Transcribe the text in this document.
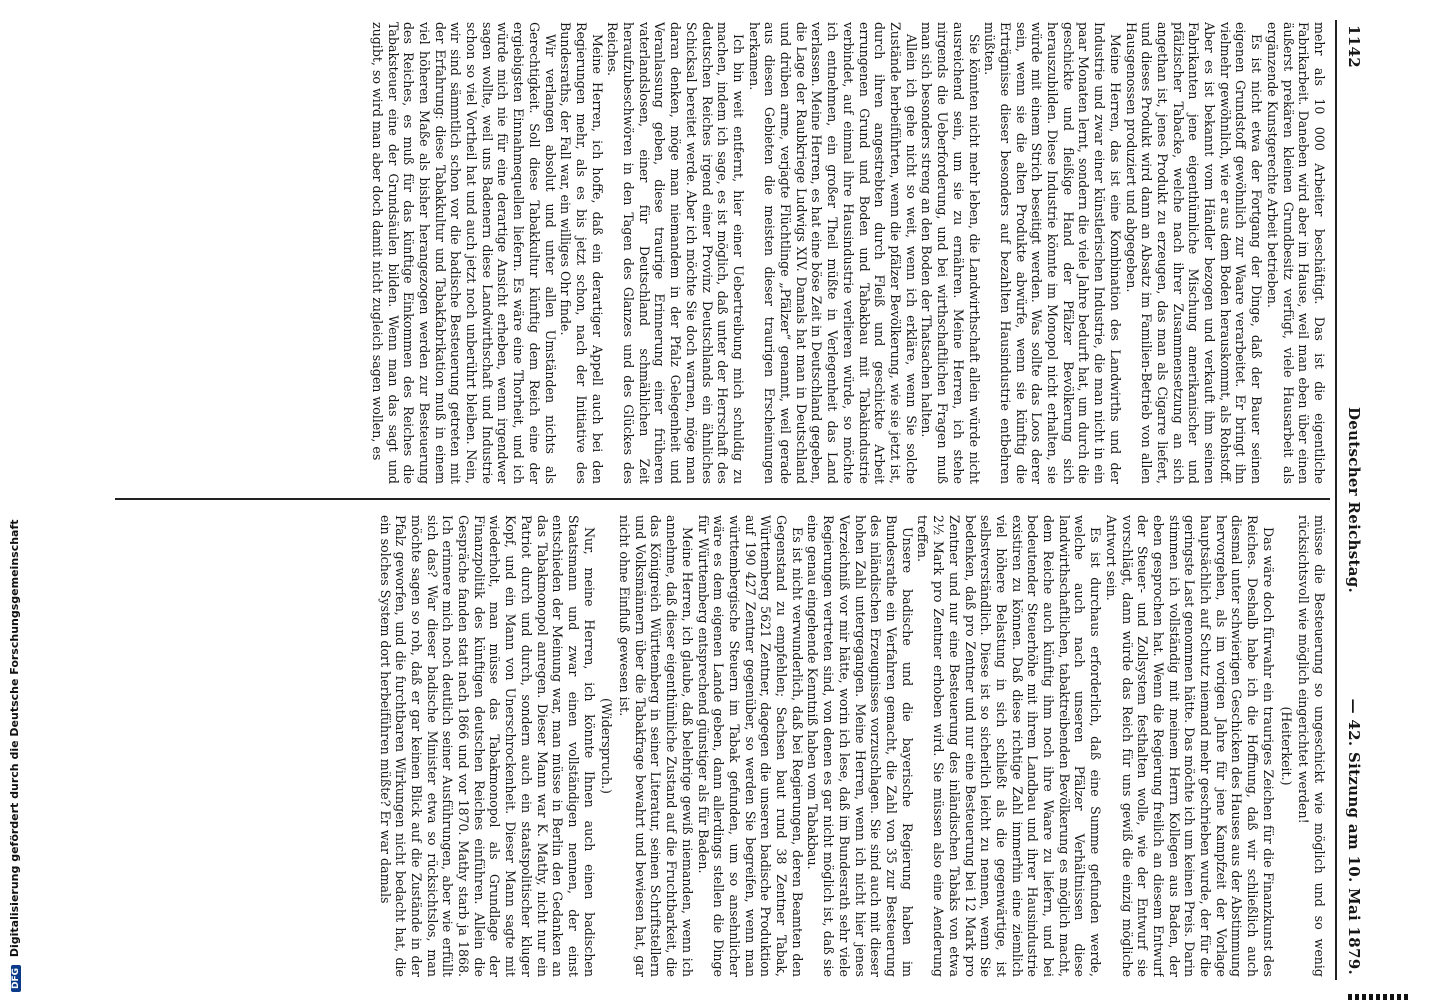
1142
Deutscher Reichstag.
— 42. Sitzung am 10. Mai 1879.

mehr als 10 000 Arbeiter beschäftigt. Das ist die eigentliche Fabrikarbeit. Daneben wird aber im Hause, weil man eben über einen äußerst prekären kleinen Grundbesitz verfügt, viele Hausarbeit als ergänzende Kunstgerechte Arbeit betrieben.

Es ist nicht etwa der Fortgang der Dinge, daß der Bauer seinen eigenen Grundstoff gewöhnlich zur Waare verarbeitet. Er bringt ihn vielmehr gewöhnlich, wie er aus dem Boden herauskommt, als Rohstoff. Aber es ist bekannt vom Händler bezogen und verkauft ihm seinen Fabrikanten jene eigenthümliche Mischung amerikanischer und pfälzischer Tabacke, welche nach ihrer Zusammensetzung an sich angethan ist, jenes Produkt zu erzeugen, das man als Cigarre liefert, und dieses Produkt wird dann an Absatz im Familien-Betrieb von allen Hausgenossen produziert und abgegeben.

Meine Herren, das ist eine Kombination des Landwirths und der Industrie und zwar einer künstlerischen Industrie, die man nicht in ein paar Monaten lernt, sondern die viele Jahre bedurft hat, um durch die geschickte und fleißige Hand der Pfälzer Bevölkerung sich herauszubilden. Diese Industrie könnte im Monopol nicht erhalten, sie würde mit einem Strich beseitigt werden. Was sollte das Loos derer sein, wenn sie die alten Produkte abwürfe, wenn sie künftig die Erträgnisse dieser besonders auf bezahlten Hausindustrie entbehren müßten.

Sie könnten nicht mehr leben, die Landwirthschaft allein würde nicht ausreichend sein, um sie zu ernähren. Meine Herren, ich stehe nirgends die Ueberforderung, und bei wirthschaftlichen Fragen muß man sich besonders streng an den Boden der Thatsachen halten.

Allein ich gehe nicht so weit, wenn ich erkläre, wenn Sie solche Zustände herbeiführten, wenn die pfälzer Bevölkerung, wie sie jetzt ist, durch ihren angestrebten durch Fleiß und geschickte Arbeit errungenen Grund und Boden und Tabakbau mit Tabakindustrie verbindet, auf einmal ihre Hausindustrie verlieren würde, so möchte ich entnehmen, ein großer Theil müßte in Verlegenheit das Land verlassen. Meine Herren, es hat eine böse Zeit in Deutschland gegeben, die Lage der Raubkriege Ludwigs XIV. Damals hat man in Deutschland und drüben arme, verjagte Flüchtlinge „Pfälzer“ genannt, weil gerade aus diesen Gebieten die meisten dieser traurigen Erscheinungen herkamen.

Ich bin weit entfernt, hier einer Uebertreibung mich schuldig zu machen, indem ich sage, es ist möglich, daß unter der Herrschaft des deutschen Reiches irgend einer Provinz Deutschlands ein ähnliches Schicksal bereitet werde. Aber ich möchte Sie doch warnen, möge man daran denken, möge man niemandem in der Pfalz Gelegenheit und Veranlassung geben, diese traurige Erinnerung einer früheren vaterlandslosen, einer für Deutschland schmählichen Zeit heraufzubeschwören in den Tagen des Glanzes und des Glückes des Reiches.

Meine Herren, ich hoffe, daß ein derartiger Appell auch bei den Regierungen mehr, als es bis jetzt schon, nach der Initiative des Bundesraths, der Fall war, ein williges Ohr finde.

Wir verlangen absolut und unter allen Umständen nichts als Gerechtigkeit. Soll diese Tabakkultur künftig dem Reich eine der ergiebigsten Einnahmequellen liefern. Es wäre eine Thorheit, und ich würde mich nie für eine derartige Ansicht erheben, wenn irgendwer sagen wollte, weil uns Badenern diese Landwirthschaft und Industrie schon so viel Vortheil hat und auch jetzt noch unberührt bleiben. Nein, wir sind sämmtlich schon vor die badische Besteuerung getreten mit der Erfahrung: diese Tabakkultur und Tabakfabrikation muß in einem viel höheren Maße als bisher herangezogen werden zur Besteuerung des Reiches, es muß für das künftige Einkommen des Reiches die Tabaksteuer eine der Grundsäulen bilden. Wenn man das sagt und zugibt, so wird man aber doch damit nicht zugleich sagen wollen, es

müsse die Besteuerung so ungeschickt wie möglich und so wenig rücksichtsvoll wie möglich eingerichtet werden!

(Heiterkeit.)

Das wäre doch fürwahr ein trauriges Zeichen für die Finanzkunst des Reiches. Deshalb habe ich die Hoffnung, daß wir schließlich auch diesmal unter schwierigen Geschicken des Hauses aus der Abstimmung hervorgehen, als im vorigen Jahre für jene Kampfzeit der Vorlage hauptsächlich auf Schutz niemand mehr geschrieben wurde, der für die geringste Last genommen hätte. Das möchte ich um keinen Preis. Darin stimmen ich vollständig mit meinem Herrn Kollegen aus Baden, der eben gesprochen hat. Wenn die Regierung freilich an diesem Entwurf der Steuer- und Zollsystem festhalten wolle, wie der Entwurf sie vorschlägt, dann würde das Reich für uns gewiß die einzig mögliche Antwort sein.

Es ist durchaus erforderlich, daß eine Summe gefunden werde, welche auch nach unseren Pfälzer Verhältnissen diese landwirthschaftlichen, tabaktreibenden Bevölkerung es möglich macht, dem Reiche auch künftig ihm noch ihre Waare zu liefern, und bei bedeutender Steuerhöhe mit ihrem Landbau und ihrer Hausindustrie existiren zu können. Daß diese richtige Zahl immerhin eine ziemlich viel höhere Belastung in sich schließt als die gegenwärtige, ist selbstverständlich. Diese ist so sicherlich leicht zu nennen, wenn Sie bedenken, daß pro Zentner und nur eine Besteuerung bei 12 Mark pro Zentner und nur eine Besteuerung des inländischen Tabaks von etwa 2½ Mark pro Zentner erhoben wird. Sie müssen also eine Aenderung treffen.

Unsere badische und die bayerische Regierung haben im Bundesrathe ein Verfahren gemacht, die Zahl von 35 zur Besteuerung des inländischen Erzeugnisses vorzuschlagen. Sie sind auch mit dieser hohen Zahl untergegangen. Meine Herren, wenn ich nicht hier jenes Verzeichniß vor mir hätte, worin ich lese, daß im Bundesrath sehr viele Regierungen vertreten sind, von denen es gar nicht möglich ist, daß sie eine genau eingehende Kenntniß haben vom Tabakbau.

Es ist nicht verwunderlich, daß bei Regierungen, deren Beamten den Gegenstand zu empfehlen; Sachsen baut rund 38 Zentner Tabak, Württemberg 5621 Zentner, dagegen die unseren badische Produktion auf 190 427 Zentner gegenüber, so werden Sie begreifen, wenn man württembergische Steuern im Tabak gefunden, um so ansehnlicher wäre es dem eigenen Lande geben, dann allerdings stellen die Dinge für Württemberg entsprechend günstiger als für Baden.

Meine Herren, ich glaube, daß belehrige gewiß niemanden, wenn ich annehme, daß dieser eigenthümliche Zustand auf die Fruchtbarkeit, die das Königreich Württemberg in seiner Literatur, seinen Schriftstellern und Volksmännern über die Tabakfrage bewahrt und bewiesen hat, gar nicht ohne Einfluß gewesen ist.

(Widerspruch.)

Nur, meine Herren, ich könnte Ihnen auch einen badischen Staatsmann und zwar einen vollständigen nennen, der einst entschieden der Meinung war, man müsse in Berlin den Gedanken an das Tabakmonopol anregen. Dieser Mann war K. Mathy, nicht nur ein Patriot durch und durch, sondern auch ein staatspolitischer kluger Kopf, und ein Mann von Unerschrockenheit. Dieser Mann sagte mit wiederholt, man müsse das Tabakmonopol als Grundlage der Finanzpolitik des künftigen deutschen Reiches einführen. Allein die Gespräche fanden statt nach 1866 und vor 1870. Mathy starb ja 1868. Ich erinnere mich noch deutlich seiner Ausführungen, aber wie erfüllt sich das? War dieser badische Minister etwa so rücksichtslos, man möchte sagen so roh, daß er gar keinen Blick auf die Zustände in der Pfalz geworfen, und die furchtbaren Wirkungen nicht bedacht hat, die ein solches System dort herbeiführen müßte? Er war damals

DFG Digitalisierung gefördert durch die Deutsche Forschungsgemeinschaft
